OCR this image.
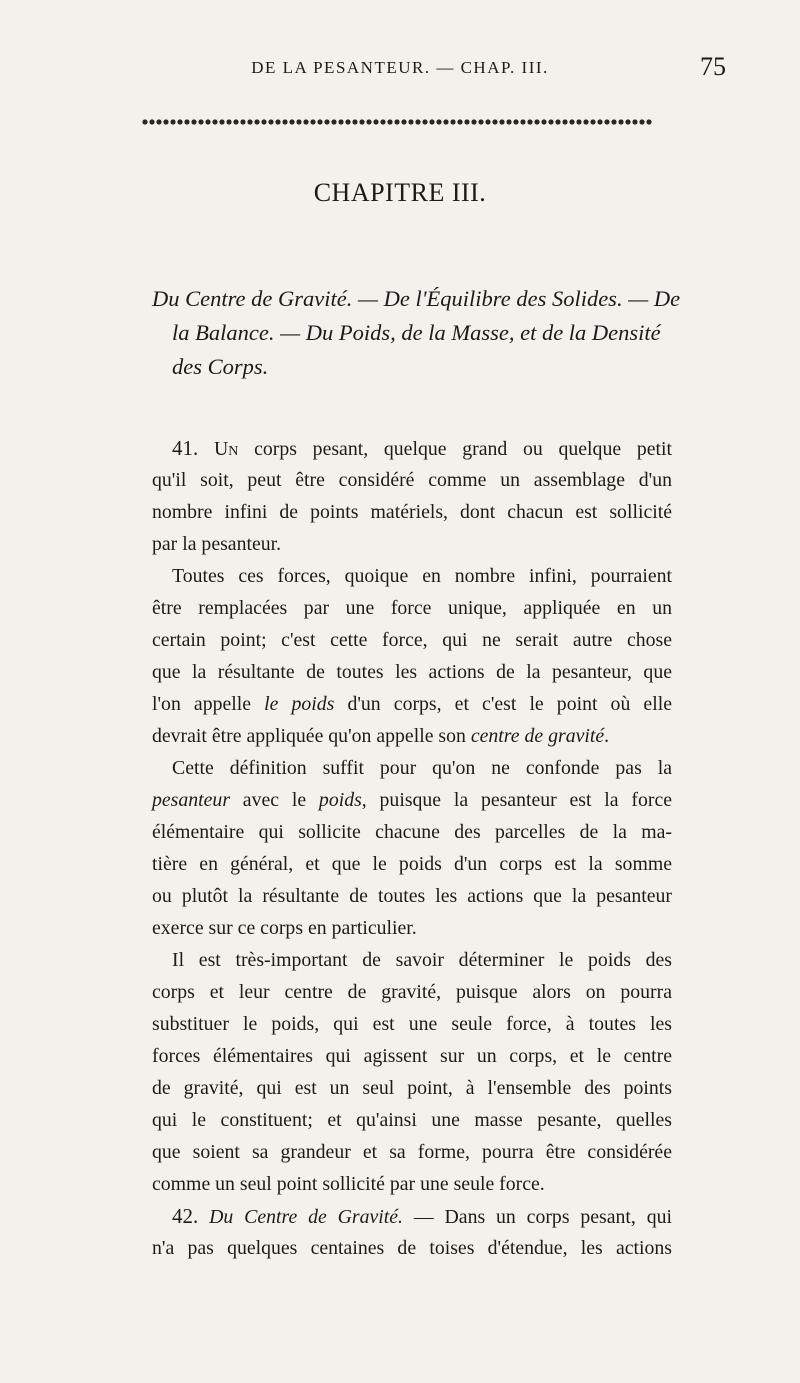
DE LA PESANTEUR. — CHAP. III.	75
CHAPITRE III.
Du Centre de Gravité. — De l'Équilibre des Solides. — De
la Balance. — Du Poids, de la Masse, et de la Densité
des Corps.
41. Un corps pesant, quelque grand ou quelque petit
qu'il soit, peut être considéré comme un assemblage d'un
nombre infini de points matériels, dont chacun est sollicité
par la pesanteur.
Toutes ces forces, quoique en nombre infini, pourraient
être remplacées par une force unique, appliquée en un
certain point; c'est cette force, qui ne serait autre chose
que la résultante de toutes les actions de la pesanteur, que
l'on appelle le poids d'un corps, et c'est le point où elle
devrait être appliquée qu'on appelle son centre de gravité.
Cette définition suffit pour qu'on ne confonde pas la
pesanteur avec le poids, puisque la pesanteur est la force
élémentaire qui sollicite chacune des parcelles de la ma-
tière en général, et que le poids d'un corps est la somme
ou plutôt la résultante de toutes les actions que la pesanteur
exerce sur ce corps en particulier.
Il est très-important de savoir déterminer le poids des
corps et leur centre de gravité, puisque alors on pourra
substituer le poids, qui est une seule force, à toutes les
forces élémentaires qui agissent sur un corps, et le centre
de gravité, qui est un seul point, à l'ensemble des points
qui le constituent; et qu'ainsi une masse pesante, quelles
que soient sa grandeur et sa forme, pourra être considérée
comme un seul point sollicité par une seule force.
42. Du Centre de Gravité. — Dans un corps pesant, qui
n'a pas quelques centaines de toises d'étendue, les actions
